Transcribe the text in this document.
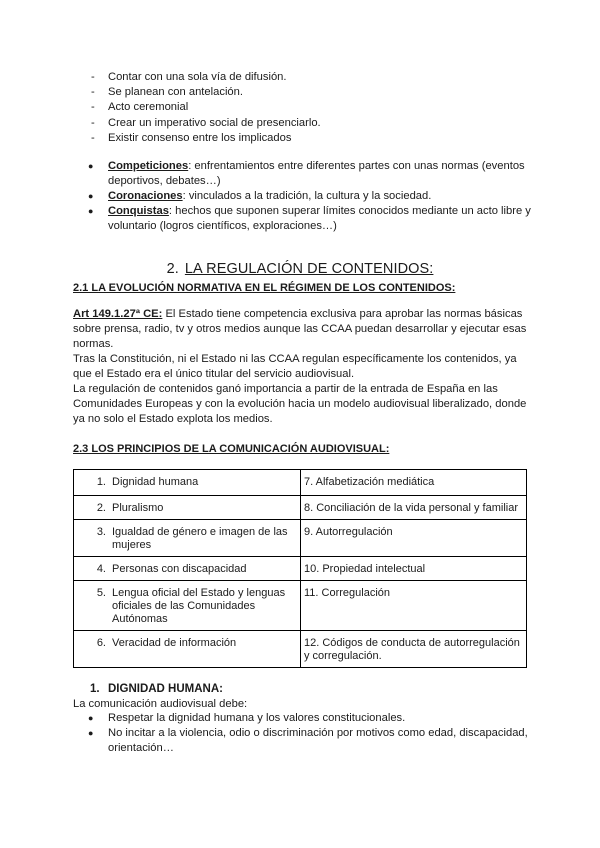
- Contar con una sola vía de difusión.
- Se planean con antelación.
- Acto ceremonial
- Crear un imperativo social de presenciarlo.
- Existir consenso entre los implicados
● Competiciones: enfrentamientos entre diferentes partes con unas normas (eventos deportivos, debates…)
● Coronaciones: vinculados a la tradición, la cultura y la sociedad.
● Conquistas: hechos que suponen superar límites conocidos mediante un acto libre y voluntario (logros científicos, exploraciones…)
2. LA REGULACIÓN DE CONTENIDOS:
2.1 LA EVOLUCIÓN NORMATIVA EN EL RÉGIMEN DE LOS CONTENIDOS:

Art 149.1.27ª CE: El Estado tiene competencia exclusiva para aprobar las normas básicas sobre prensa, radio, tv y otros medios aunque las CCAA puedan desarrollar y ejecutar esas normas.

Tras la Constitución, ni el Estado ni las CCAA regulan específicamente los contenidos, ya que el Estado era el único titular del servicio audiovisual.

La regulación de contenidos ganó importancia a partir de la entrada de España en las Comunidades Europeas y con la evolución hacia un modelo audiovisual liberalizado, donde ya no solo el Estado explota los medios.

2.3 LOS PRINCIPIOS DE LA COMUNICACIÓN AUDIOVISUAL:
1. Dignidad humana	7. Alfabetización mediática

2. Pluralismo	8. Conciliación de la vida personal y familiar

3. Igualdad de género e imagen de las mujeres	9. Autorregulación

4. Personas con discapacidad	10. Propiedad intelectual

5. Lengua oficial del Estado y lenguas oficiales de las Comunidades Autónomas	11. Corregulación

6. Veracidad de información	12. Códigos de conducta de autorregulación y corregulación.
1. DIGNIDAD HUMANA:
La comunicación audiovisual debe:
● Respetar la dignidad humana y los valores constitucionales.
● No incitar a la violencia, odio o discriminación por motivos como edad, discapacidad, orientación…
